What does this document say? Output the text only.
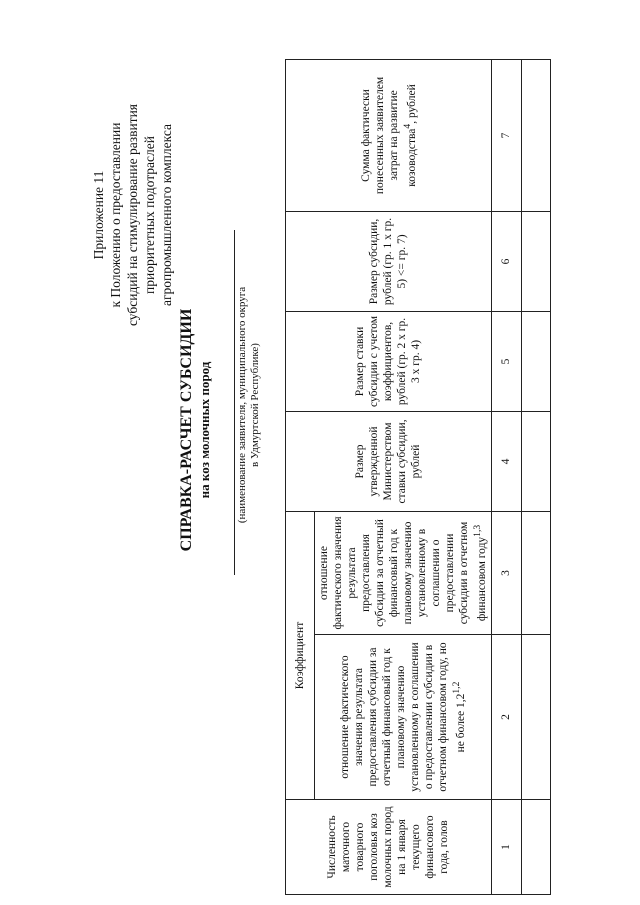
Приложение 11 к Положению о предоставлении субсидий на стимулирование развития приоритетных подотраслей агропромышленного комплекса
СПРАВКА-РАСЧЕТ СУБСИДИИ на коз молочных пород (наименование заявителя, муниципального округа в Удмуртской Республике)
Численность маточного товарного поголовья коз молочных пород на 1 января текущего финансового года, голов	Коэффициент		Размер утвержденной Министерством ставки субсидии, рублей	Размер ставки субсидии с учетом коэффициентов, рублей (гр. 2 х гр. 3 х гр. 4)	Размер субсидии, рублей (гр. 1 х гр. 5) <= гр. 7)	Сумма фактически понесенных заявителем затрат на развитие козоводства$^4$, рублей
	отношение фактического значения результата предоставления субсидии за отчетный финансовый год к плановому значению установленному в соглашении о предоставлении субсидии в отчетном финансовом году, но не более 1,2$^{1,2}$	отношение фактического значения результата предоставления субсидии за отчетный финансовый год к плановому значению установленному в соглашении о предоставлении субсидии в отчетном финансовом году$^{1,3}$
1	2	3	4	5	6	7
